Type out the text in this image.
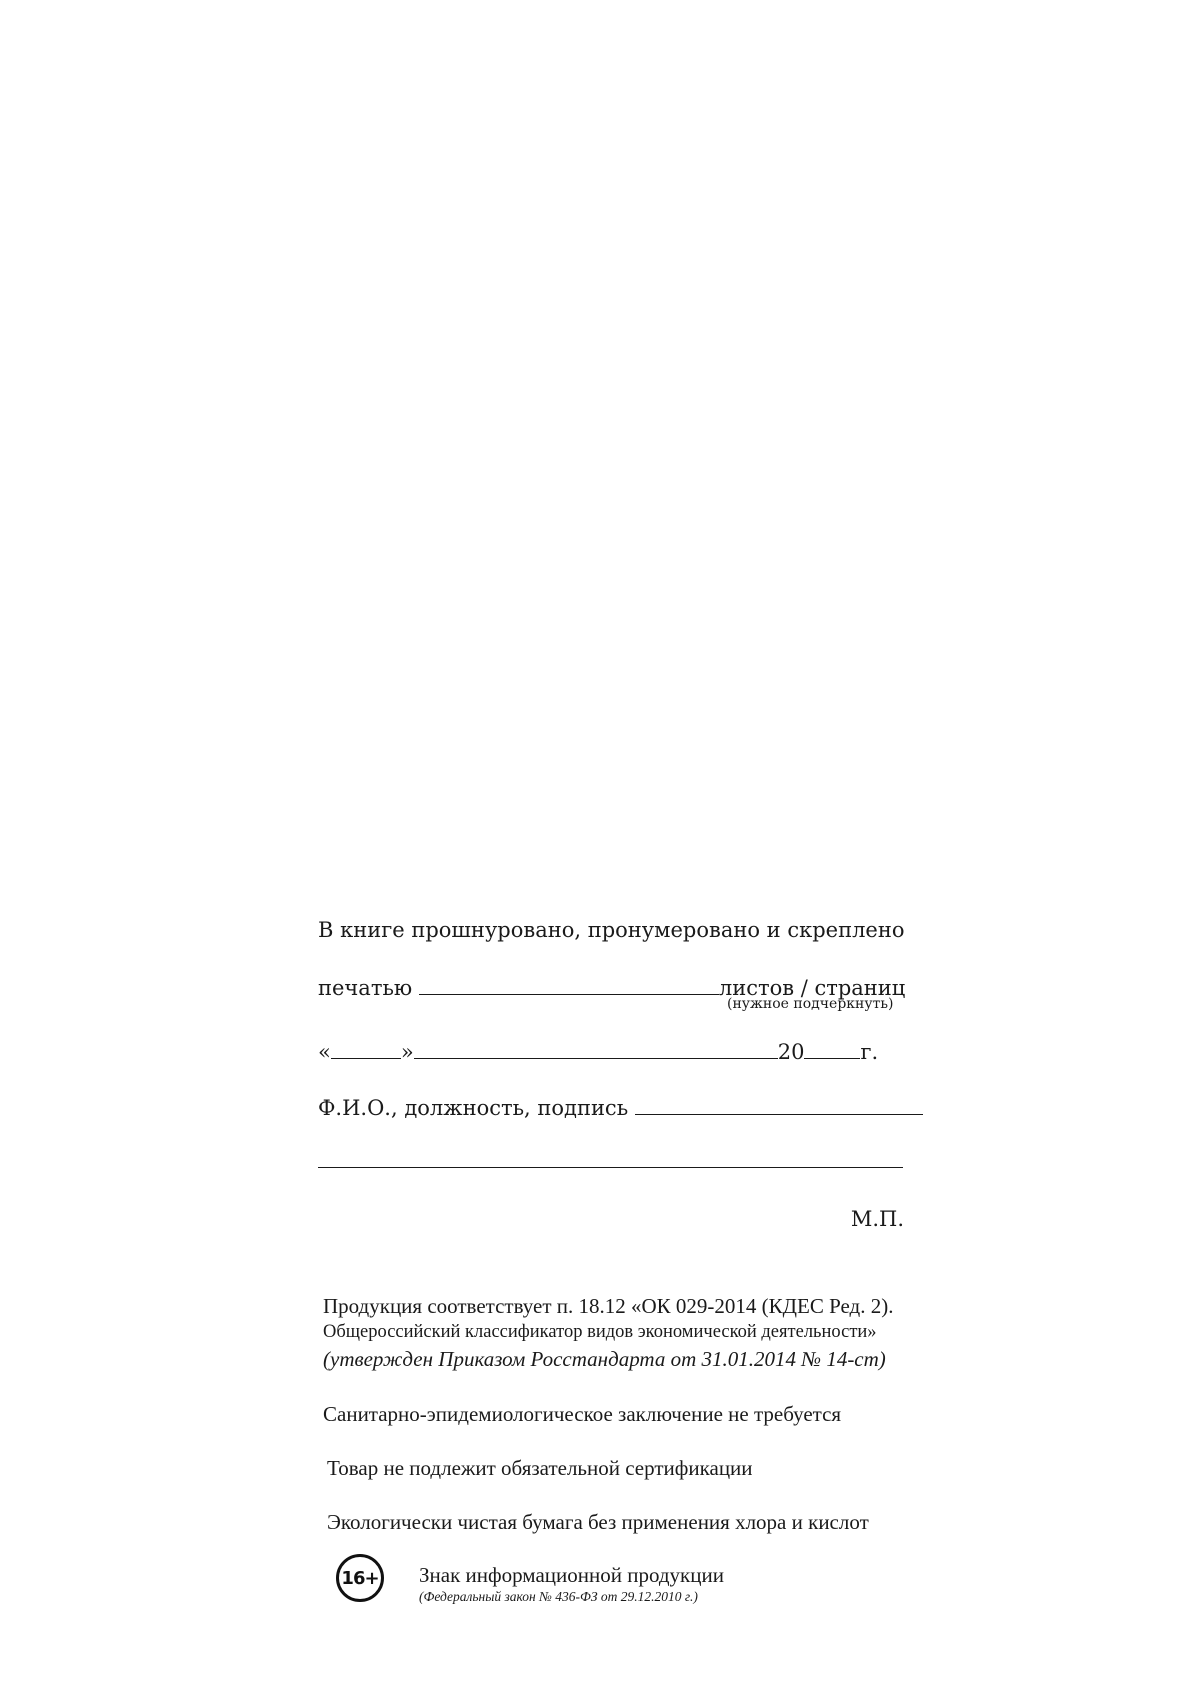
В книге прошнуровано, пронумеровано и скреплено
печатью	листов / страниц
(нужное подчеркнуть)
«	»	20	г.
Ф.И.О., должность, подпись
М.П.
Продукция соответствует п. 18.12 «ОК 029-2014 (КДЕС Ред. 2).
Общероссийский классификатор видов экономической деятельности»
(утвержден Приказом Росстандарта от 31.01.2014 № 14-ст)
Санитарно-эпидемиологическое заключение не требуется
Товар не подлежит обязательной сертификации
Экологически чистая бумага без применения хлора и кислот
16+ Знак информационной продукции
(Федеральный закон № 436-ФЗ от 29.12.2010 г.)
